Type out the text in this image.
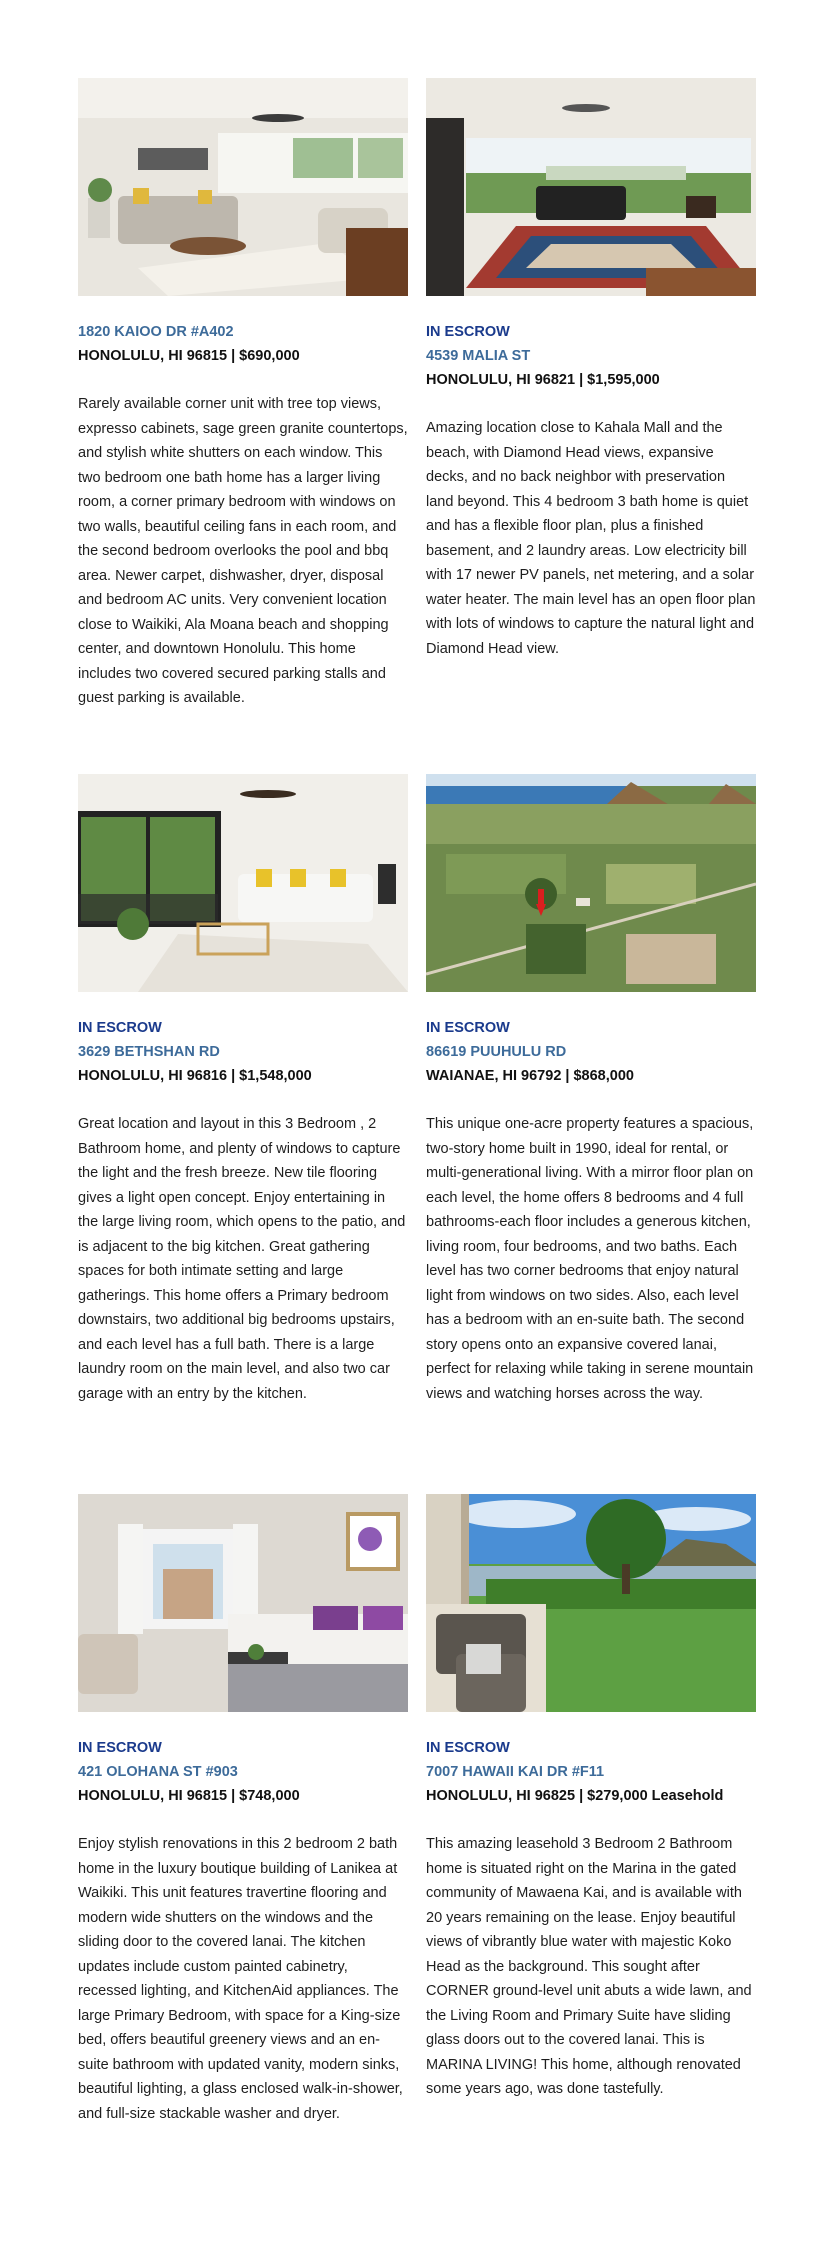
1820 KAIOO DR #A402
HONOLULU, HI 96815 | $690,000
Rarely available corner unit with tree top views, expresso cabinets, sage green granite countertops, and stylish white shutters on each window. This two bedroom one bath home has a larger living room, a corner primary bedroom with windows on two walls, beautiful ceiling fans in each room, and the second bedroom overlooks the pool and bbq area. Newer carpet, dishwasher, dryer, disposal and bedroom AC units. Very convenient location close to Waikiki, Ala Moana beach and shopping center, and downtown Honolulu. This home includes two covered secured parking stalls and guest parking is available.
IN ESCROW
4539 MALIA ST
HONOLULU, HI 96821 | $1,595,000
Amazing location close to Kahala Mall and the beach, with Diamond Head views, expansive decks, and no back neighbor with preservation land beyond. This 4 bedroom 3 bath home is quiet and has a flexible floor plan, plus a finished basement, and 2 laundry areas. Low electricity bill with 17 newer PV panels, net metering, and a solar water heater. The main level has an open floor plan with lots of windows to capture the natural light and Diamond Head view.
IN ESCROW
3629 BETHSHAN RD
HONOLULU, HI 96816 | $1,548,000
Great location and layout in this 3 Bedroom , 2 Bathroom home, and plenty of windows to capture the light and the fresh breeze. New tile flooring gives a light open concept. Enjoy entertaining in the large living room, which opens to the patio, and is adjacent to the big kitchen. Great gathering spaces for both intimate setting and large gatherings. This home offers a Primary bedroom downstairs, two additional big bedrooms upstairs, and each level has a full bath. There is a large laundry room on the main level, and also two car garage with an entry by the kitchen.
IN ESCROW
86619 PUUHULU RD
WAIANAE, HI 96792 | $868,000
This unique one-acre property features a spacious, two-story home built in 1990, ideal for rental, or multi-generational living. With a mirror floor plan on each level, the home offers 8 bedrooms and 4 full bathrooms-each floor includes a generous kitchen, living room, four bedrooms, and two baths. Each level has two corner bedrooms that enjoy natural light from windows on two sides. Also, each level has a bedroom with an en-suite bath. The second story opens onto an expansive covered lanai, perfect for relaxing while taking in serene mountain views and watching horses across the way.
IN ESCROW
421 OLOHANA ST #903
HONOLULU, HI 96815 | $748,000
Enjoy stylish renovations in this 2 bedroom 2 bath home in the luxury boutique building of Lanikea at Waikiki. This unit features travertine flooring and modern wide shutters on the windows and the sliding door to the covered lanai. The kitchen updates include custom painted cabinetry, recessed lighting, and KitchenAid appliances. The large Primary Bedroom, with space for a King-size bed, offers beautiful greenery views and an en-suite bathroom with updated vanity, modern sinks, beautiful lighting, a glass enclosed walk-in-shower, and full-size stackable washer and dryer.
IN ESCROW
7007 HAWAII KAI DR #F11
HONOLULU, HI 96825 | $279,000 Leasehold
This amazing leasehold 3 Bedroom 2 Bathroom home is situated right on the Marina in the gated community of Mawaena Kai, and is available with 20 years remaining on the lease. Enjoy beautiful views of vibrantly blue water with majestic Koko Head as the background. This sought after CORNER ground-level unit abuts a wide lawn, and the Living Room and Primary Suite have sliding glass doors out to the covered lanai. This is MARINA LIVING! This home, although renovated some years ago, was done tastefully.
